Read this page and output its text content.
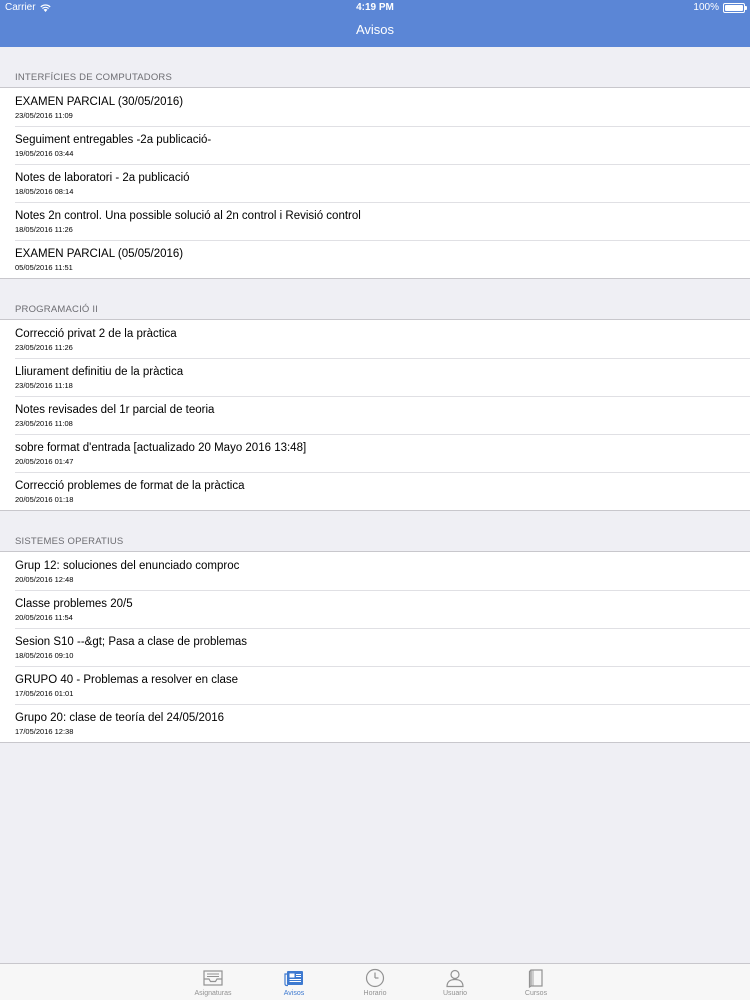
Carrier	4:19 PM	100%
Avisos
INTERFÍCIES DE COMPUTADORS
EXAMEN PARCIAL (30/05/2016)
23/05/2016 11:09
Seguiment entregables -2a publicació-
19/05/2016 03:44
Notes de laboratori - 2a publicació
18/05/2016 08:14
Notes 2n control. Una possible solució al 2n control i Revisió control
18/05/2016 11:26
EXAMEN PARCIAL (05/05/2016)
05/05/2016 11:51
PROGRAMACIÓ II
Correcció privat 2 de la pràctica
23/05/2016 11:26
Lliurament definitiu de la pràctica
23/05/2016 11:18
Notes revisades del 1r parcial de teoria
23/05/2016 11:08
sobre format d'entrada [actualizado 20 Mayo 2016 13:48]
20/05/2016 01:47
Correcció problemes de format de la pràctica
20/05/2016 01:18
SISTEMES OPERATIUS
Grup 12: soluciones del enunciado comproc
20/05/2016 12:48
Classe problemes 20/5
20/05/2016 11:54
Sesion S10 --&gt; Pasa a clase de problemas
18/05/2016 09:10
GRUPO 40 - Problemas a resolver en clase
17/05/2016 01:01
Grupo 20: clase de teoría del 24/05/2016
17/05/2016 12:38
Asignaturas	Avisos	Horario	Usuario	Cursos
